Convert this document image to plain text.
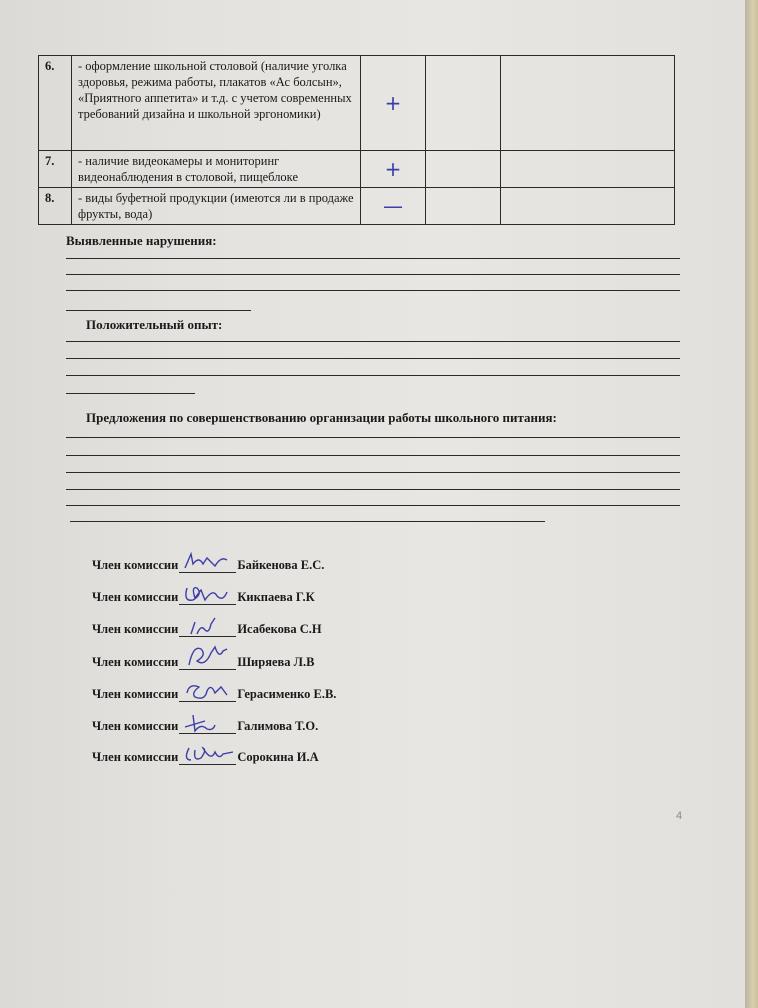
6.	- оформление школьной столовой (наличие уголка здоровья, режима работы, плакатов «Ас болсын», «Приятного аппетита» и т.д. с учетом современных требований дизайна и школьной эргономики)	+		
7.	- наличие видеокамеры и мониторинг видеонаблюдения в столовой, пищеблоке	+		
8.	- виды буфетной продукции (имеются ли в продаже фрукты, вода)	—		
Выявленные нарушения:
Положительный опыт:
Предложения по совершенствованию организации работы школьного питания:
Член комиссии	Байкенова Е.С.
Член комиссии	Кикпаева Г.К
Член комиссии	Исабекова С.Н
Член комиссии	Ширяева Л.В
Член комиссии	Герасименко Е.В.
Член комиссии	Галимова Т.О.
Член комиссии	Сорокина И.А
4
